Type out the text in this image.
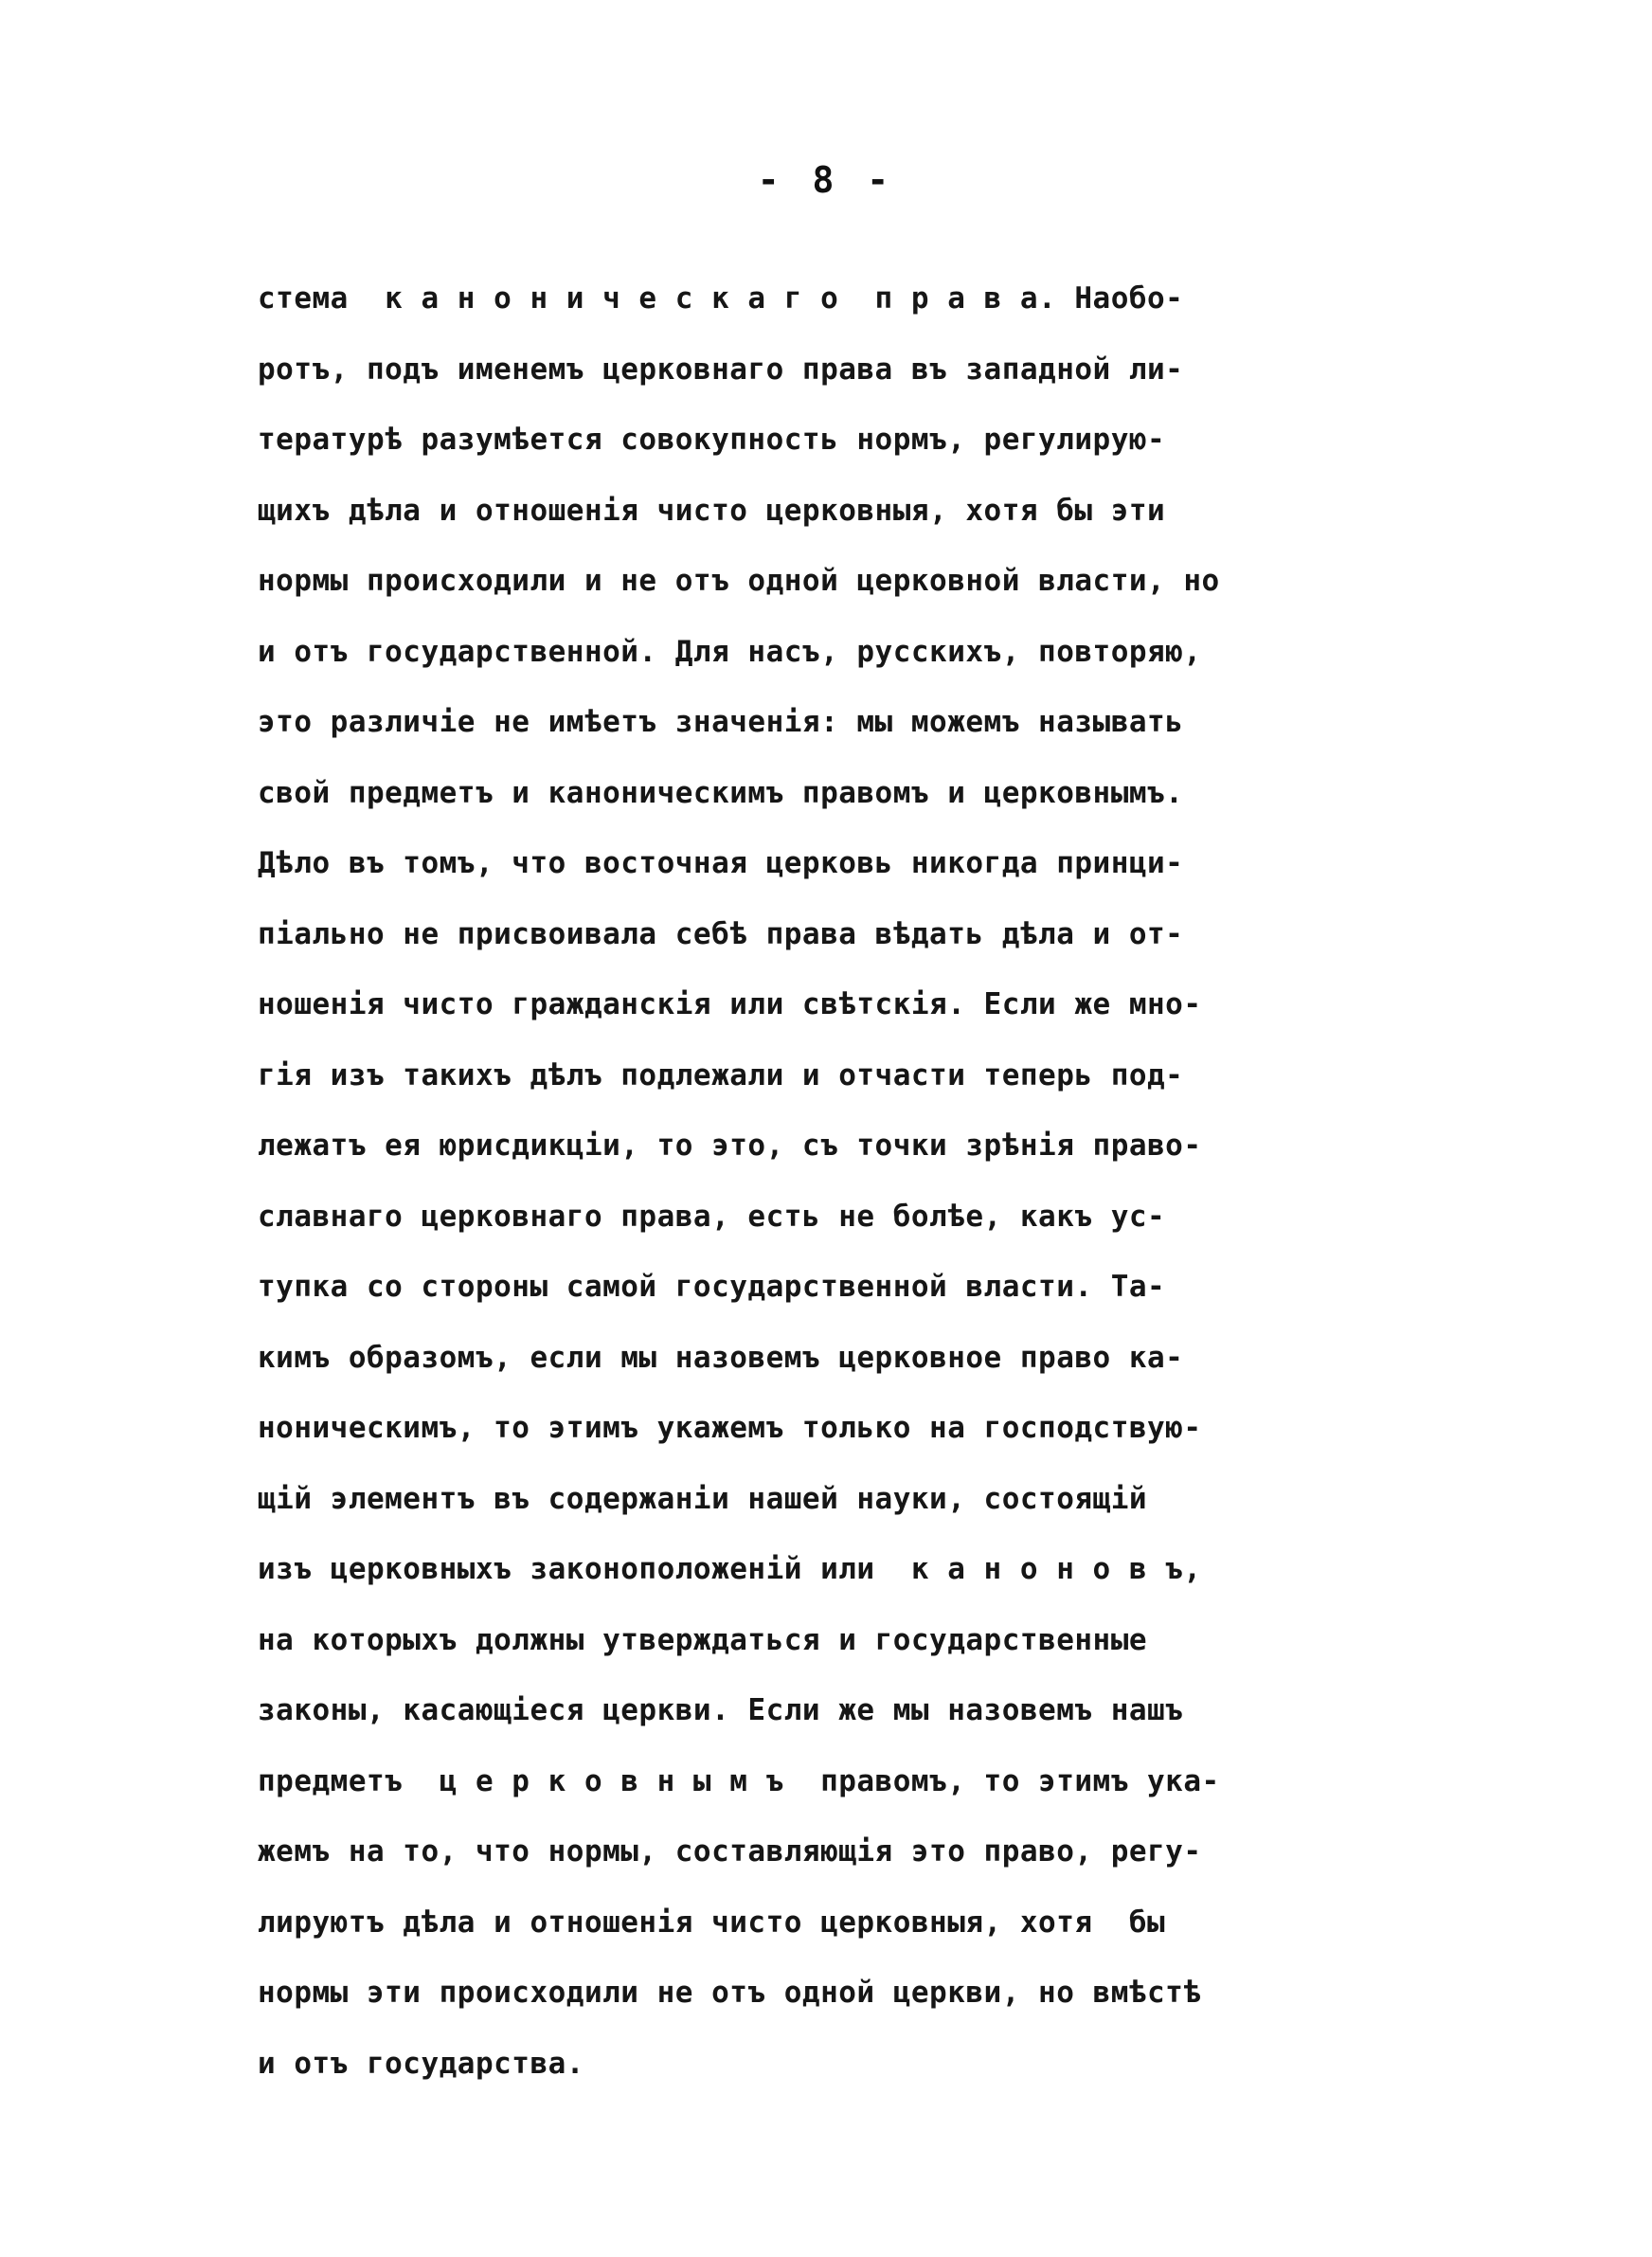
- 8 -
стема  к а н о н и ч е с к а г о  п р а в а. Наобо-
ротъ, подъ именемъ церковнаго права въ западной ли-
тературѣ разумѣется совокупность нормъ, регулирую-
щихъ дѣла и отношенія чисто церковныя, хотя бы эти
нормы происходили и не отъ одной церковной власти, но
и отъ государственной. Для насъ, русскихъ, повторяю,
это различіе не имѣетъ значенія: мы можемъ называть
свой предметъ и каноническимъ правомъ и церковнымъ.
Дѣло въ томъ, что восточная церковь никогда принци-
піально не присвоивала себѣ права вѣдать дѣла и от-
ношенія чисто гражданскія или свѣтскія. Если же мно-
гія изъ такихъ дѣлъ подлежали и отчасти теперь под-
лежатъ ея юрисдикціи, то это, съ точки зрѣнія право-
славнаго церковнаго права, есть не болѣе, какъ ус-
тупка со стороны самой государственной власти. Та-
кимъ образомъ, если мы назовемъ церковное право ка-
ноническимъ, то этимъ укажемъ только на господствую-
щій элементъ въ содержаніи нашей науки, состоящій
изъ церковныхъ законоположеній или  к а н о н о в ъ,
на которыхъ должны утверждаться и государственные
законы, касающіеся церкви. Если же мы назовемъ нашъ
предметъ  ц е р к о в н ы м ъ  правомъ, то этимъ ука-
жемъ на то, что нормы, составляющія это право, регу-
лируютъ дѣла и отношенія чисто церковныя, хотя  бы
нормы эти происходили не отъ одной церкви, но вмѣстѣ
и отъ государства.
